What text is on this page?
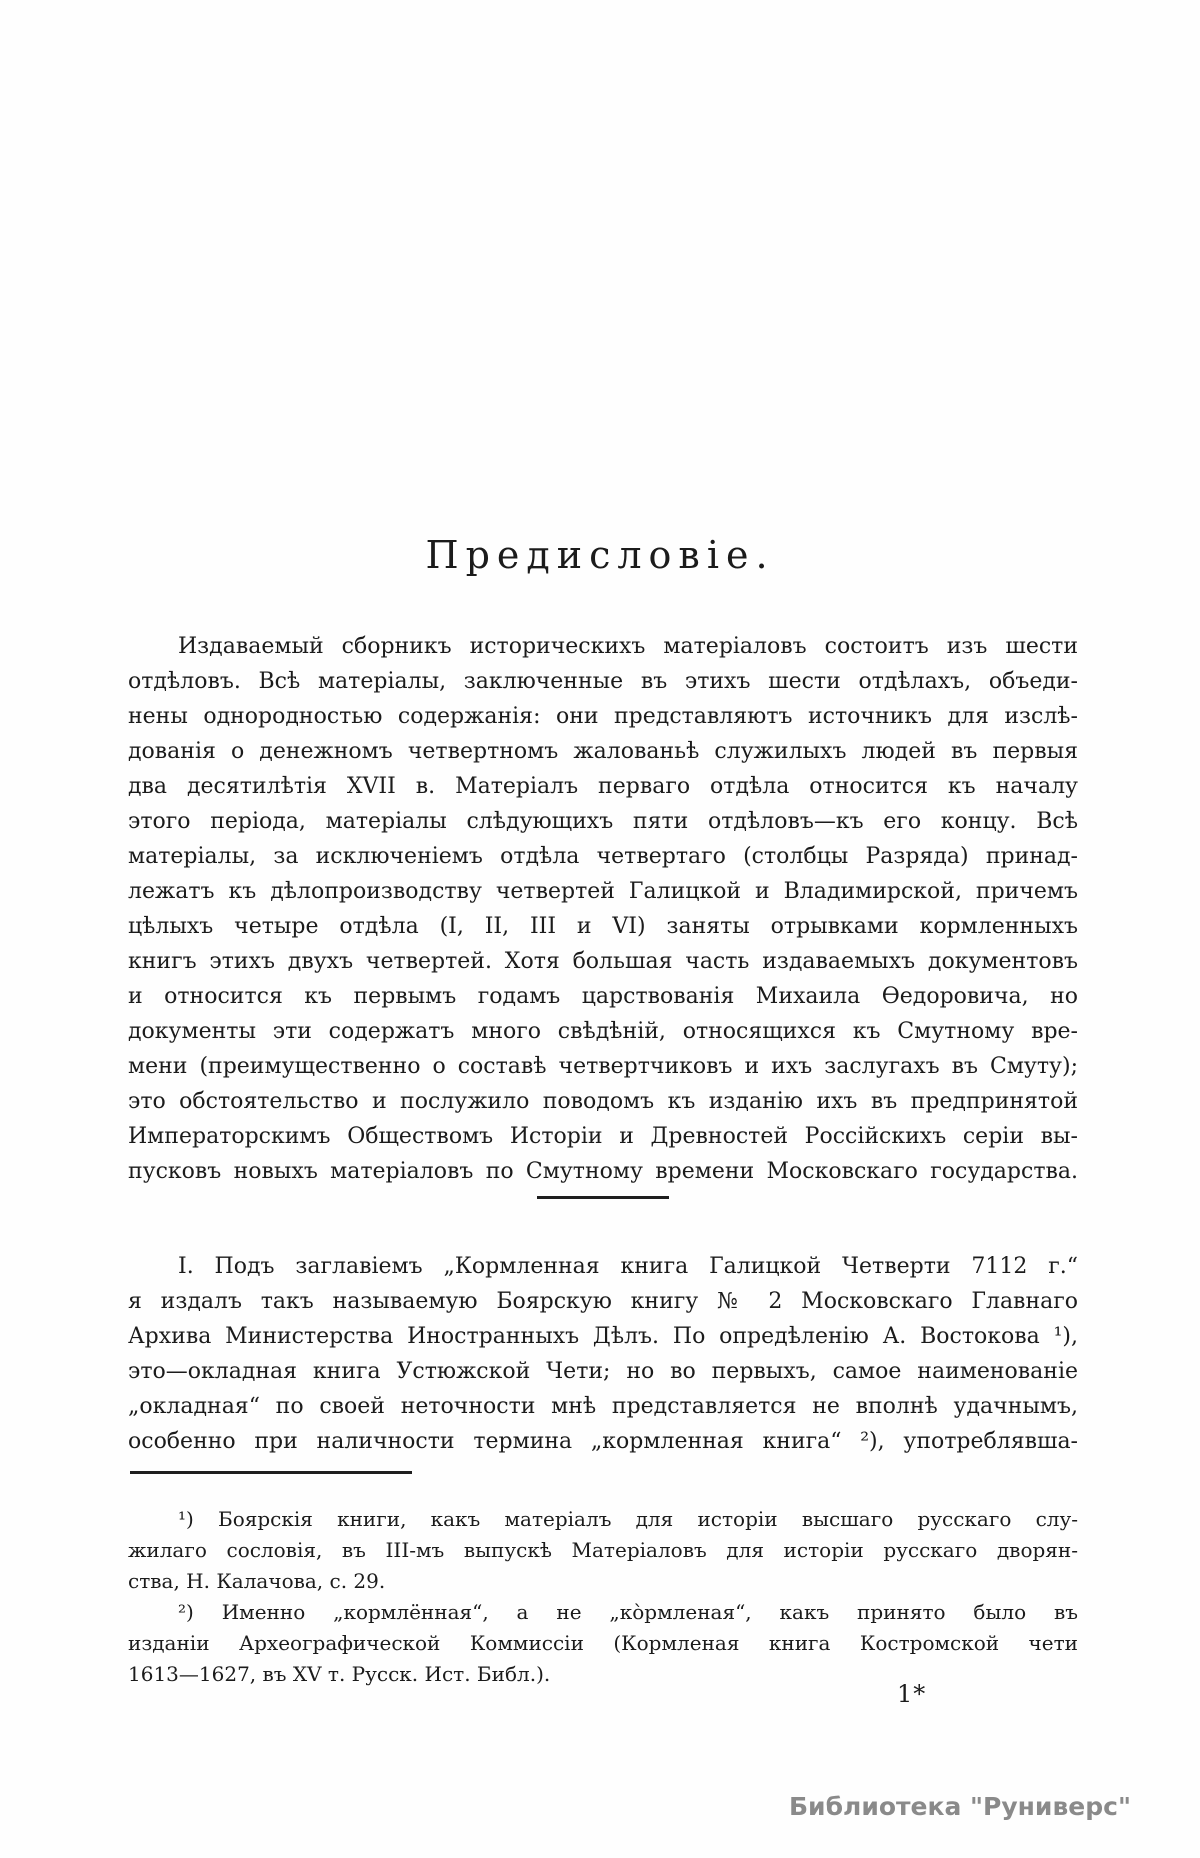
Предисловіе.
Издаваемый сборникъ историческихъ матеріаловъ состоитъ изъ шести
отдѣловъ. Всѣ матеріалы, заключенные въ этихъ шести отдѣлахъ, объеди-
нены однородностью содержанія: они представляютъ источникъ для изслѣ-
дованія о денежномъ четвертномъ жалованьѣ служилыхъ людей въ первыя
два десятилѣтія XVII в. Матеріалъ перваго отдѣла относится къ началу
этого періода, матеріалы слѣдующихъ пяти отдѣловъ—къ его концу. Всѣ
матеріалы, за исключеніемъ отдѣла четвертаго (столбцы Разряда) принад-
лежатъ къ дѣлопроизводству четвертей Галицкой и Владимирской, причемъ
цѣлыхъ четыре отдѣла (I, II, III и VI) заняты отрывками кормленныхъ
книгъ этихъ двухъ четвертей. Хотя большая часть издаваемыхъ документовъ
и относится къ первымъ годамъ царствованія Михаила Ѳедоровича, но
документы эти содержатъ много свѣдѣній, относящихся къ Смутному вре-
мени (преимущественно о составѣ четвертчиковъ и ихъ заслугахъ въ Смуту);
это обстоятельство и послужило поводомъ къ изданію ихъ въ предпринятой
Императорскимъ Обществомъ Исторіи и Древностей Россійскихъ серіи вы-
пусковъ новыхъ матеріаловъ по Смутному времени Московскаго государства.
I. Подъ заглавіемъ „Кормленная книга Галицкой Четверти 7112 г.“
я издалъ такъ называемую Боярскую книгу № 2 Московскаго Главнаго
Архива Министерства Иностранныхъ Дѣлъ. По опредѣленію А. Востокова ¹),
это—окладная книга Устюжской Чети; но во первыхъ, самое наименованіе
„окладная“ по своей неточности мнѣ представляется не вполнѣ удачнымъ,
особенно при наличности термина „кормленная книга“ ²), употреблявша-
¹) Боярскія книги, какъ матеріалъ для исторіи высшаго русскаго слу-
жилаго сословія, въ III-мъ выпускѣ Матеріаловъ для исторіи русскаго дворян-
ства, Н. Калачова, с. 29.
²) Именно „кормлённая“, а не „ко̀рмленая“, какъ принято было въ
изданіи Археографической Коммиссіи (Кормленая книга Костромской чети
1613—1627, въ XV т. Русск. Ист. Библ.).
1*
Библиотека "Руниверс"
